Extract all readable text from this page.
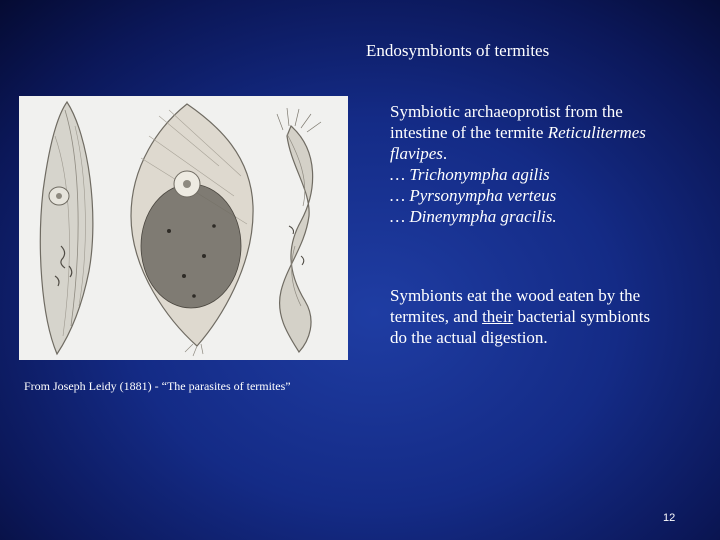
Endosymbionts of termites
Symbiotic archaeoprotist from the
intestine of the termite Reticulitermes
flavipes.
… Trichonympha agilis
… Pyrsonympha verteus
… Dinenympha gracilis.
Symbionts eat the wood eaten by the
termites, and their bacterial symbionts
do the actual digestion.
From Joseph Leidy (1881) - “The parasites of termites”
12
